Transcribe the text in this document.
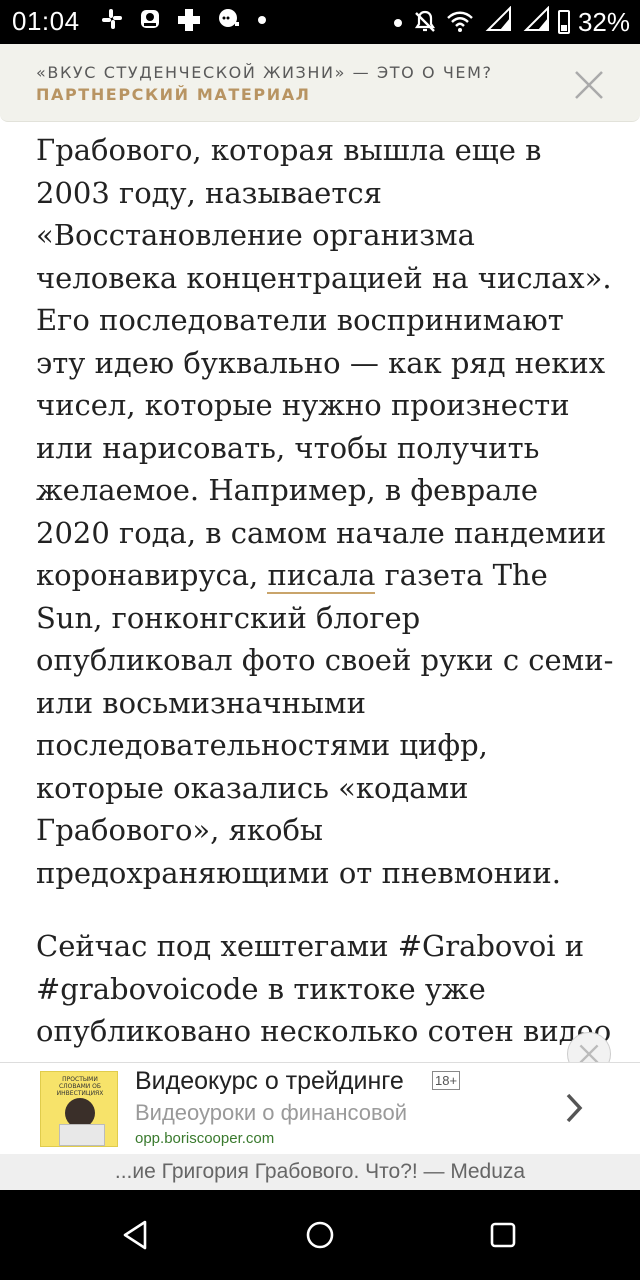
01:04	32%
«ВКУС СТУДЕНЧЕСКОЙ ЖИЗНИ» — ЭТО О ЧЕМ?
ПАРТНЕРСКИЙ МАТЕРИАЛ

Грабового, которая вышла еще в 2003 году, называется «Восстановление организма человека концентрацией на числах». Его последователи воспринимают эту идею буквально — как ряд неких чисел, которые нужно произнести или нарисовать, чтобы получить желаемое. Например, в феврале 2020 года, в самом начале пандемии коронавируса, писала газета The Sun, гонконгский блогер опубликовал фото своей руки с семи- или восьмизначными последовательностями цифр, которые оказались «кодами Грабового», якобы предохраняющими от пневмонии.

Сейчас под хештегами #Grabovoi и #grabovoicode в тиктоке уже опубликовано несколько сотен видео

ПРОСТЫМИ СЛОВАМИ ОБ ИНВЕСТИЦИЯХ	Видеокурс о трейдинге 18+
Видеоуроки о финансовой
opp.boriscooper.com
...ие Григория Грабового. Что?! — Meduza
